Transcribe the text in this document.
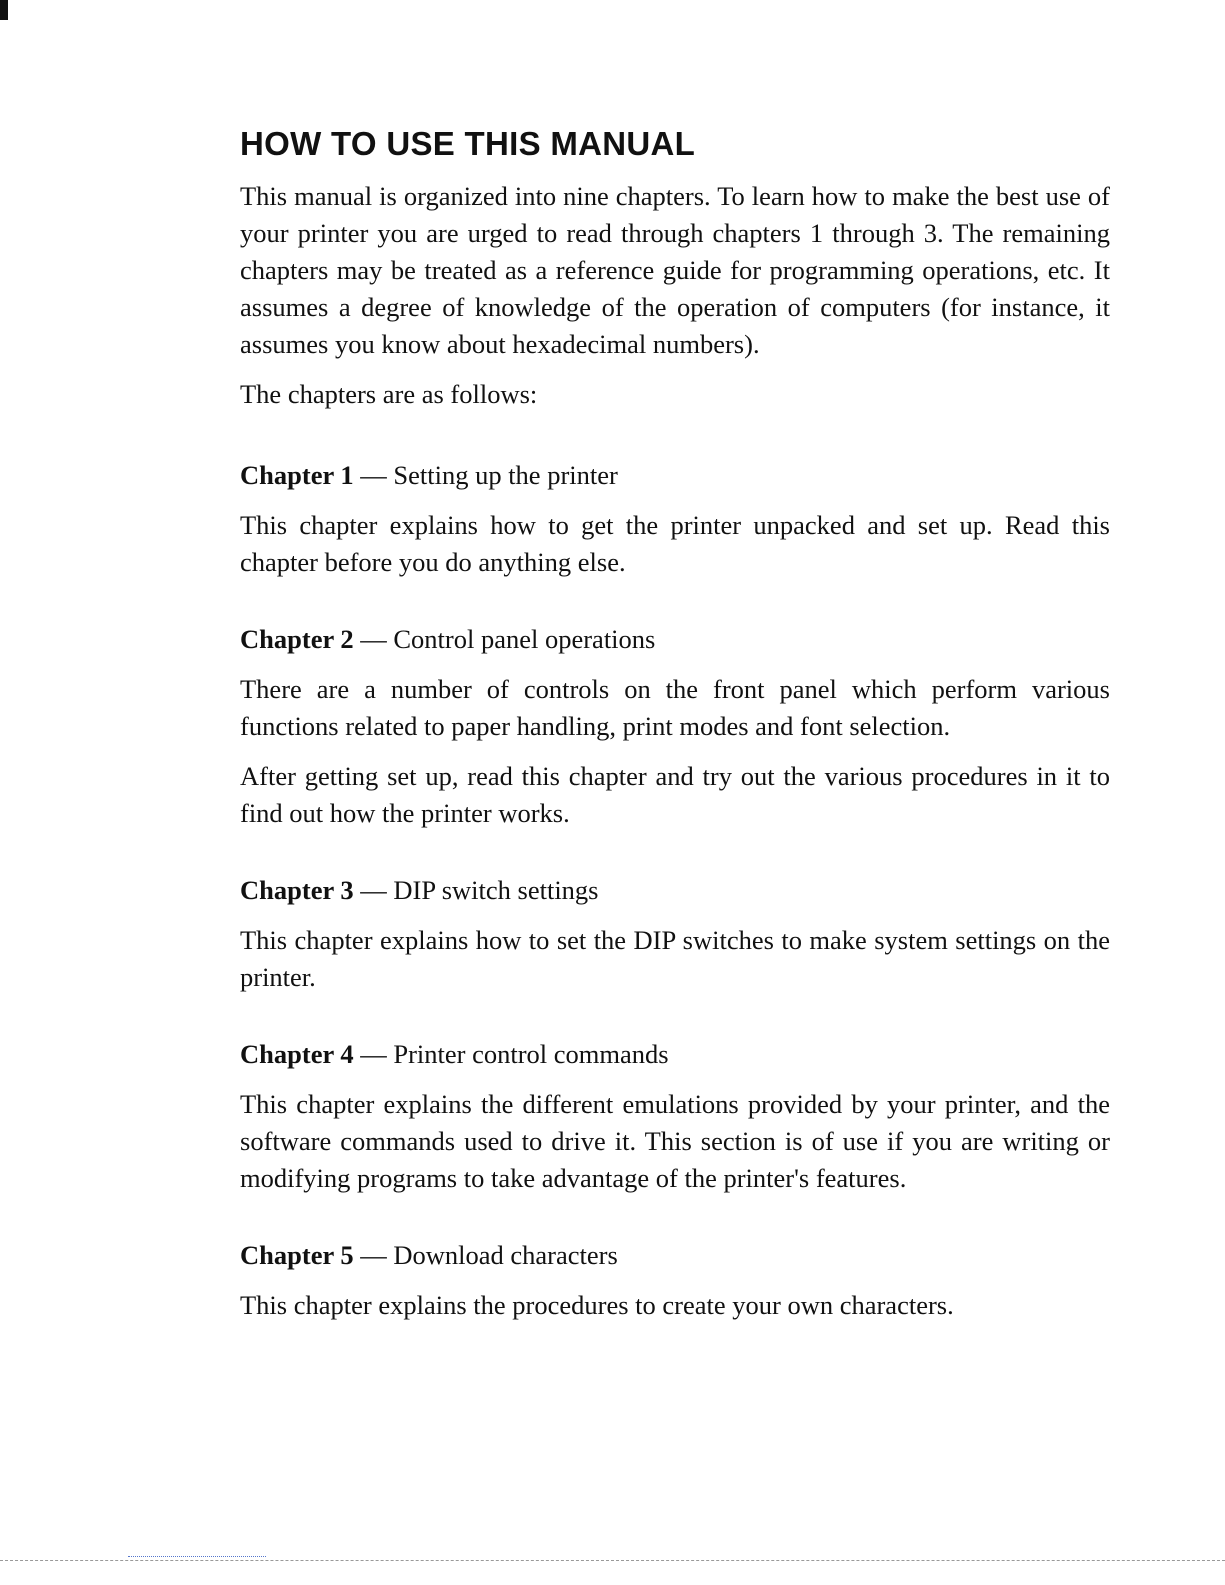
HOW TO USE THIS MANUAL

This manual is organized into nine chapters. To learn how to make the best use of your printer you are urged to read through chapters 1 through 3. The remaining chapters may be treated as a reference guide for programming operations, etc. It assumes a degree of knowledge of the operation of computers (for instance, it assumes you know about hexadecimal numbers).

The chapters are as follows:

Chapter 1 — Setting up the printer

This chapter explains how to get the printer unpacked and set up. Read this chapter before you do anything else.

Chapter 2 — Control panel operations

There are a number of controls on the front panel which perform various functions related to paper handling, print modes and font selection.

After getting set up, read this chapter and try out the various procedures in it to find out how the printer works.

Chapter 3 — DIP switch settings

This chapter explains how to set the DIP switches to make system settings on the printer.

Chapter 4 — Printer control commands

This chapter explains the different emulations provided by your printer, and the software commands used to drive it. This section is of use if you are writing or modifying programs to take advantage of the printer's features.

Chapter 5 — Download characters

This chapter explains the procedures to create your own characters.
